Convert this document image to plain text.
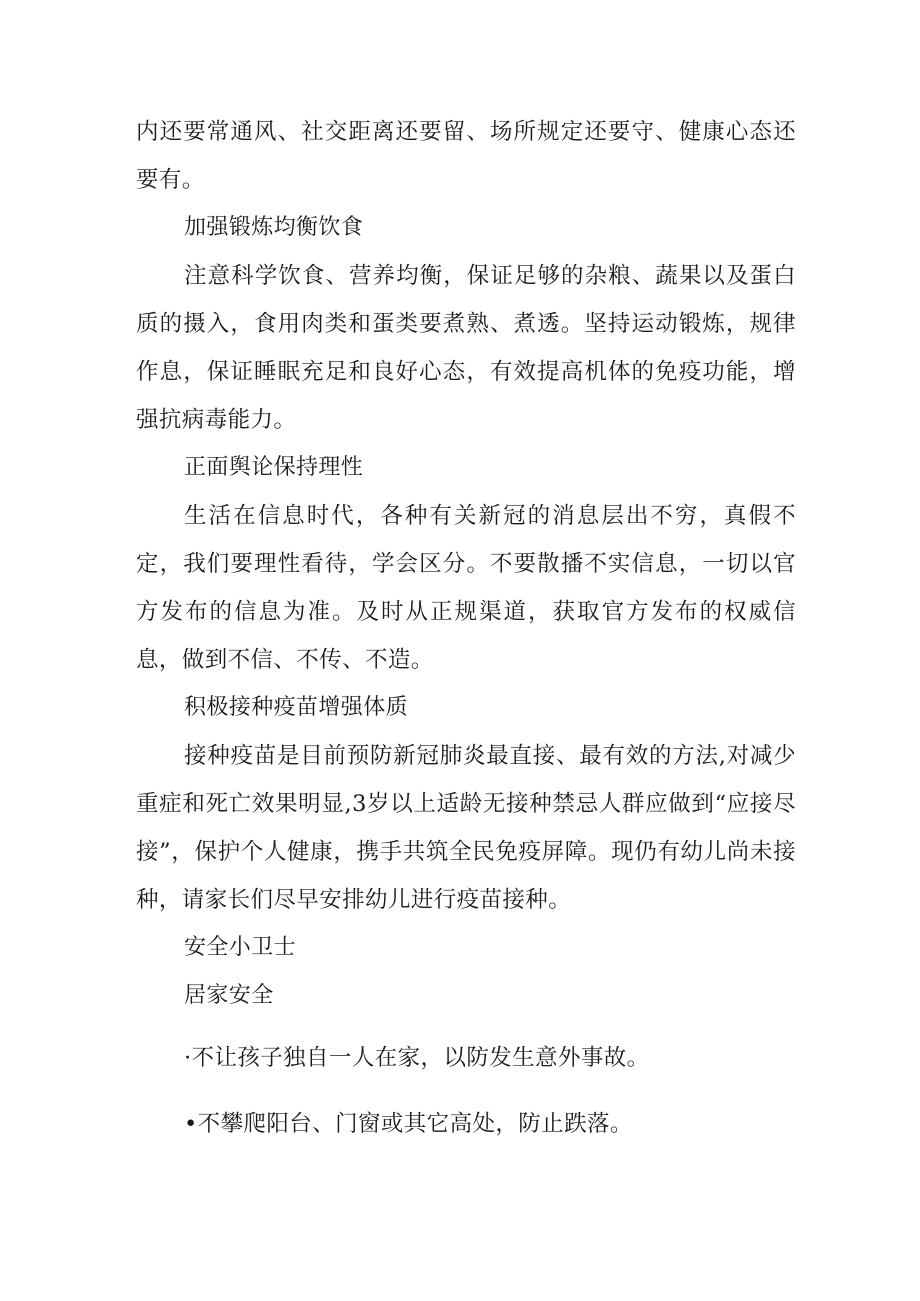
内还要常通风、社交距离还要留、场所规定还要守、健康心态还要有。

加强锻炼均衡饮食

注意科学饮食、营养均衡，保证足够的杂粮、蔬果以及蛋白质的摄入，食用肉类和蛋类要煮熟、煮透。坚持运动锻炼，规律作息，保证睡眠充足和良好心态，有效提高机体的免疫功能，增强抗病毒能力。

正面舆论保持理性

生活在信息时代，各种有关新冠的消息层出不穷，真假不定，我们要理性看待，学会区分。不要散播不实信息，一切以官方发布的信息为准。及时从正规渠道，获取官方发布的权威信息，做到不信、不传、不造。

积极接种疫苗增强体质

接种疫苗是目前预防新冠肺炎最直接、最有效的方法,对减少重症和死亡效果明显,3岁以上适龄无接种禁忌人群应做到“应接尽接”，保护个人健康，携手共筑全民免疫屏障。现仍有幼儿尚未接种，请家长们尽早安排幼儿进行疫苗接种。

安全小卫士

居家安全

·不让孩子独自一人在家，以防发生意外事故。

•不攀爬阳台、门窗或其它高处，防止跌落。
